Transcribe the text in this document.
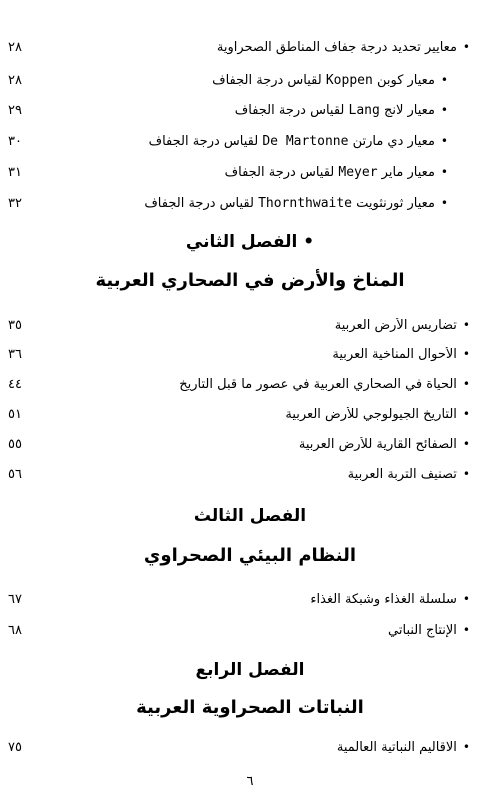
•معايير تحديد درجة جفاف المناطق الصحراوية
٢٨
•معيار كوبن Koppen لقياس درجة الجفاف
٢٨
•معيار لانج Lang لقياس درجة الجفاف
٢٩
•معيار دي مارتن De Martonne لقياس درجة الجفاف
٣٠
•معيار ماير Meyer لقياس درجة الجفاف
٣١
•معيار ثورنثويت Thornthwaite لقياس درجة الجفاف
٣٢
• الفصل الثاني
المناخ والأرض في الصحاري العربية
•تضاريس الأرض العربية
٣٥
•الأحوال المناخية العربية
٣٦
•الحياة في الصحاري العربية في عصور ما قبل التاريخ
٤٤
•التاريخ الجيولوجي للأرض العربية
٥١
•الصفائح القارية للأرض العربية
٥٥
•تصنيف التربة العربية
٥٦
الفصل الثالث
النظام البيئي الصحراوي
•سلسلة الغذاء وشبكة الغذاء
٦٧
•الإنتاج النباتي
٦٨
الفصل الرابع
النباتات الصحراوية العربية
•الاقاليم النباتية العالمية
٧٥
٦
